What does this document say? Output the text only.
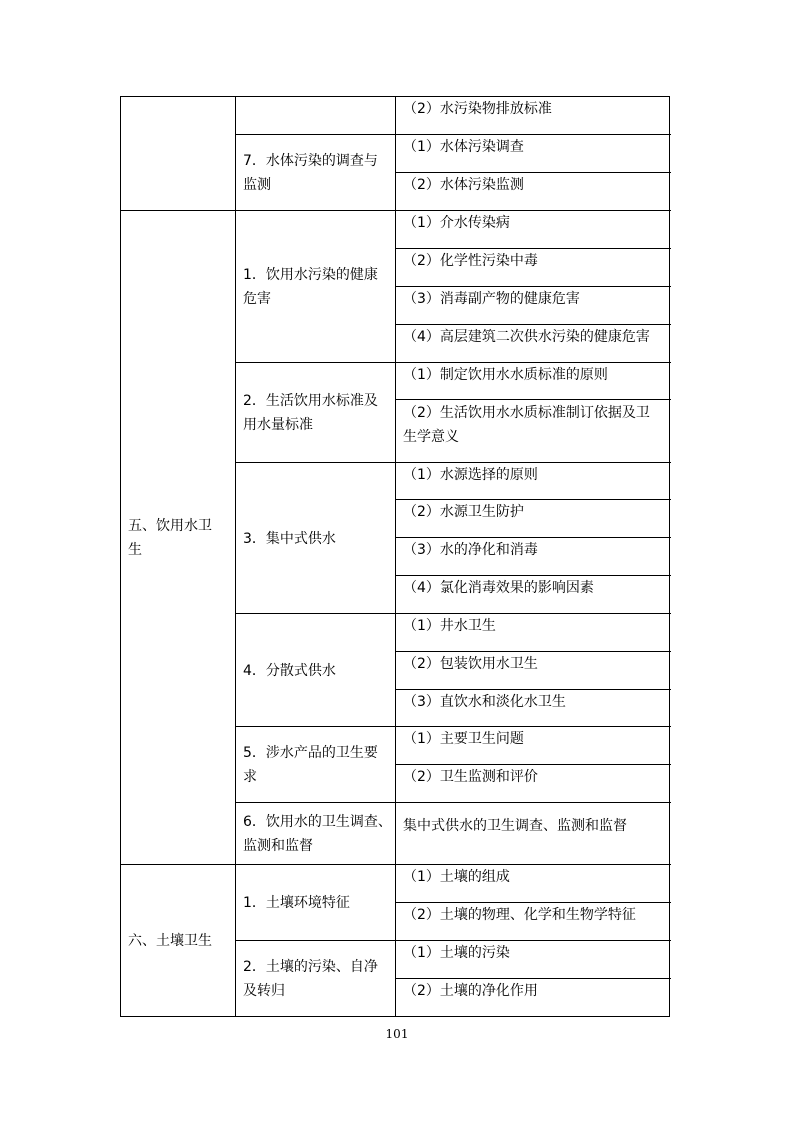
（2）水污染物排放标准
（1）水体污染调查
（2）水体污染监测
7．水体污染的调查与
监测
（1）介水传染病
（2）化学性污染中毒
（3）消毒副产物的健康危害
（4）高层建筑二次供水污染的健康危害
1．饮用水污染的健康
危害
（1）制定饮用水水质标准的原则
（2）生活饮用水水质标准制订依据及卫
生学意义
2．生活饮用水标准及
用水量标准
（1）水源选择的原则
（2）水源卫生防护
（3）水的净化和消毒
（4）氯化消毒效果的影响因素
3．集中式供水
（1）井水卫生
（2）包装饮用水卫生
（3）直饮水和淡化水卫生
4．分散式供水
（1）主要卫生问题
（2）卫生监测和评价
5．涉水产品的卫生要
求
集中式供水的卫生调查、监测和监督
6．饮用水的卫生调查、
监测和监督
五、饮用水卫
生
（1）土壤的组成
（2）土壤的物理、化学和生物学特征
1．土壤环境特征
（1）土壤的污染
（2）土壤的净化作用
2．土壤的污染、自净
及转归
六、土壤卫生
101
